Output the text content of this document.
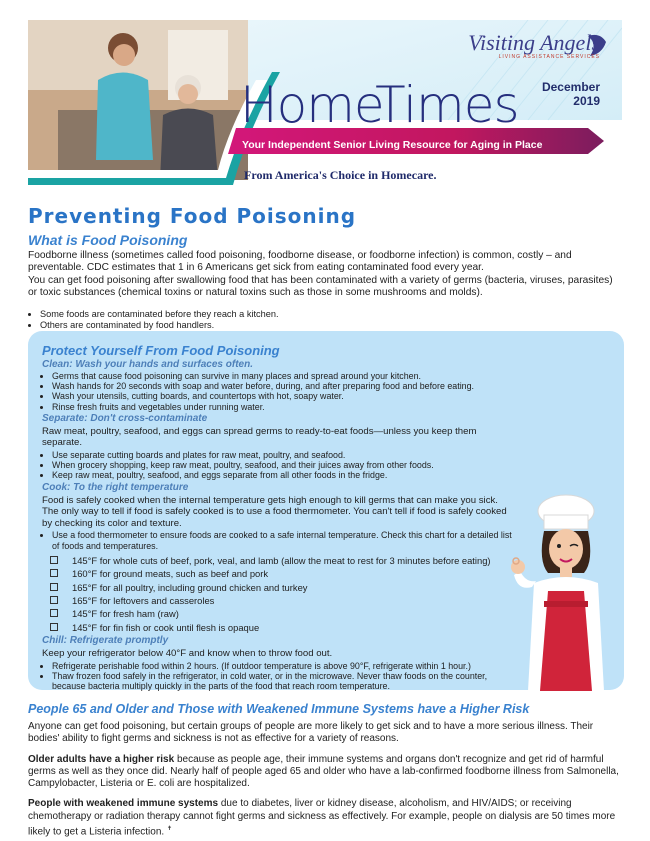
Visiting Angels
LIVING ASSISTANCE SERVICES
December
2019
HomeTimes
Your Independent Senior Living Resource for Aging in Place
From America's Choice in Homecare.
Preventing Food Poisoning
What is Food Poisoning

Foodborne illness (sometimes called food poisoning, foodborne disease, or foodborne infection) is common, costly – and preventable. CDC estimates that 1 in 6 Americans get sick from eating contaminated food every year.

You can get food poisoning after swallowing food that has been contaminated with a variety of germs (bacteria, viruses, parasites) or toxic substances (chemical toxins or natural toxins such as those in some mushrooms and molds).

• Some foods are contaminated before they reach a kitchen.
• Others are contaminated by food handlers.
Protect Yourself From Food Poisoning
Clean: Wash your hands and surfaces often.
• Germs that cause food poisoning can survive in many places and spread around your kitchen.
• Wash hands for 20 seconds with soap and water before, during, and after preparing food and before eating.
• Wash your utensils, cutting boards, and countertops with hot, soapy water.
• Rinse fresh fruits and vegetables under running water.
Separate: Don't cross-contaminate
Raw meat, poultry, seafood, and eggs can spread germs to ready-to-eat foods—unless you keep them separate.
• Use separate cutting boards and plates for raw meat, poultry, and seafood.
• When grocery shopping, keep raw meat, poultry, seafood, and their juices away from other foods.
• Keep raw meat, poultry, seafood, and eggs separate from all other foods in the fridge.
Cook: To the right temperature
Food is safely cooked when the internal temperature gets high enough to kill germs that can make you sick. The only way to tell if food is safely cooked is to use a food thermometer. You can't tell if food is safely cooked by checking its color and texture.
• Use a food thermometer to ensure foods are cooked to a safe internal temperature. Check this chart for a detailed list of foods and temperatures.
145°F for whole cuts of beef, pork, veal, and lamb (allow the meat to rest for 3 minutes before eating)
160°F for ground meats, such as beef and pork
165°F for all poultry, including ground chicken and turkey
165°F for leftovers and casseroles
145°F for fresh ham (raw)
145°F for fin fish or cook until flesh is opaque
Chill: Refrigerate promptly
Keep your refrigerator below 40°F and know when to throw food out.
• Refrigerate perishable food within 2 hours. (If outdoor temperature is above 90°F, refrigerate within 1 hour.)
• Thaw frozen food safely in the refrigerator, in cold water, or in the microwave. Never thaw foods on the counter, because bacteria multiply quickly in the parts of the food that reach room temperature.
People 65 and Older and Those with Weakened Immune Systems have a Higher Risk

Anyone can get food poisoning, but certain groups of people are more likely to get sick and to have a more serious illness. Their bodies' ability to fight germs and sickness is not as effective for a variety of reasons.

Older adults have a higher risk because as people age, their immune systems and organs don't recognize and get rid of harmful germs as well as they once did. Nearly half of people aged 65 and older who have a lab-confirmed foodborne illness from Salmonella, Campylobacter, Listeria or E. coli are hospitalized.

People with weakened immune systems due to diabetes, liver or kidney disease, alcoholism, and HIV/AIDS; or receiving chemotherapy or radiation therapy cannot fight germs and sickness as effectively. For example, people on dialysis are 50 times more likely to get a Listeria infection. ✝
